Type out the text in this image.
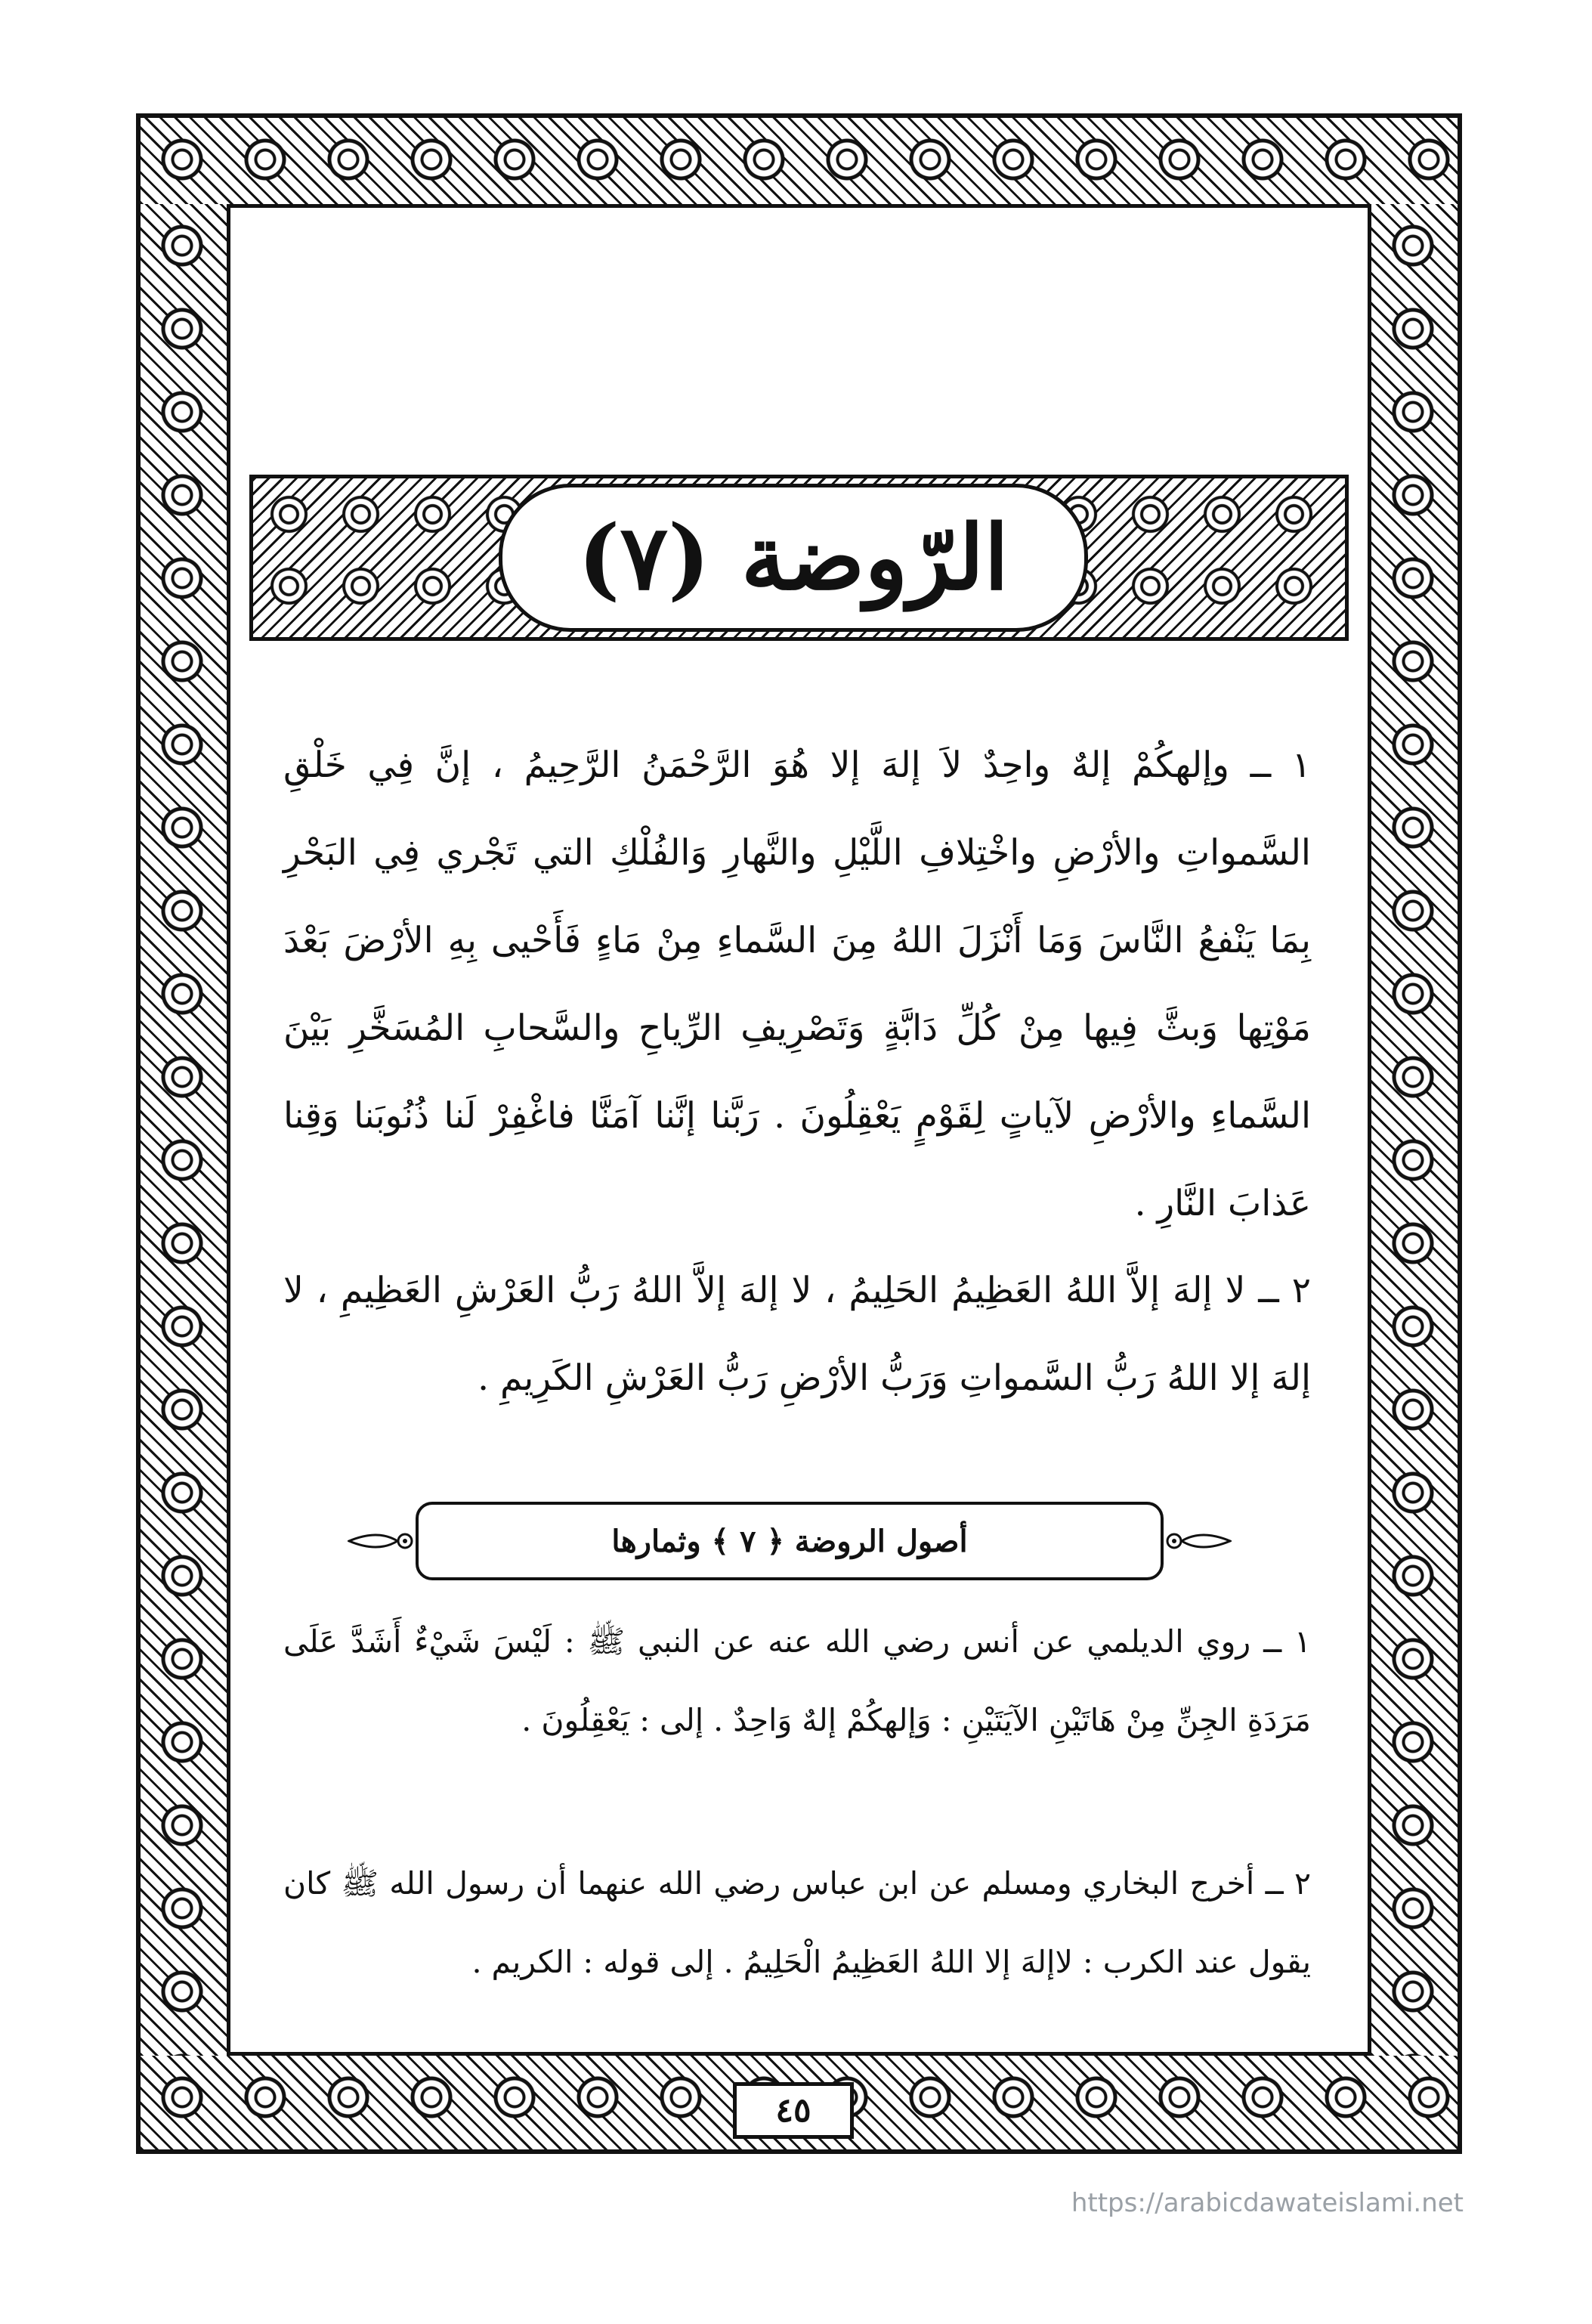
الرّوضة (٧)
١ ــ وإلهكُمْ إلهٌ واحِدٌ لاَ إلهَ إلا هُوَ الرَّحْمَنُ الرَّحِيمُ ، إنَّ فِي خَلْقِ السَّمواتِ والأرْضِ واخْتِلافِ اللَّيْلِ والنَّهارِ وَالفُلْكِ التي تَجْري فِي البَحْرِ بِمَا يَنْفعُ النَّاسَ وَمَا أَنْزَلَ اللهُ مِنَ السَّماءِ مِنْ مَاءٍ فَأَحْيى بِهِ الأرْضَ بَعْدَ مَوْتِها وَبثَّ فِيها مِنْ كُلِّ دَابَّةٍ وَتَصْرِيفِ الرِّياحِ والسَّحابِ المُسَخَّرِ بَيْنَ السَّماءِ والأرْضِ لآياتٍ لِقَوْمٍ يَعْقِلُونَ . رَبَّنا إنَّنا آمَنَّا فاغْفِرْ لَنا ذُنُوبَنا وَقِنا عَذابَ النَّارِ .
٢ ــ لا إلهَ إلاَّ اللهُ العَظِيمُ الحَلِيمُ ، لا إلهَ إلاَّ اللهُ رَبُّ العَرْشِ العَظِيمِ ، لا إلهَ إلا اللهُ رَبُّ السَّمواتِ وَرَبُّ الأرْضِ رَبُّ العَرْشِ الكَرِيمِ .
أصول الروضة ﴿ ٧ ﴾ وثمارها
١ ــ روي الديلمي عن أنس رضي الله عنه عن النبي ﷺ : لَيْسَ شَيْءٌ أَشَدَّ عَلَى مَرَدَةِ الجِنِّ مِنْ هَاتَيْنِ الآيَتَيْنِ : وَإلهكُمْ إلهٌ وَاحِدٌ . إلى : يَعْقِلُونَ .
٢ ــ أخرج البخاري ومسلم عن ابن عباس رضي الله عنهما أن رسول الله ﷺ كان يقول عند الكرب : لاإلهَ إلا اللهُ العَظِيمُ الْحَلِيمُ . إلى قوله : الكريم .
٤٥
https://arabicdawateislami.net
